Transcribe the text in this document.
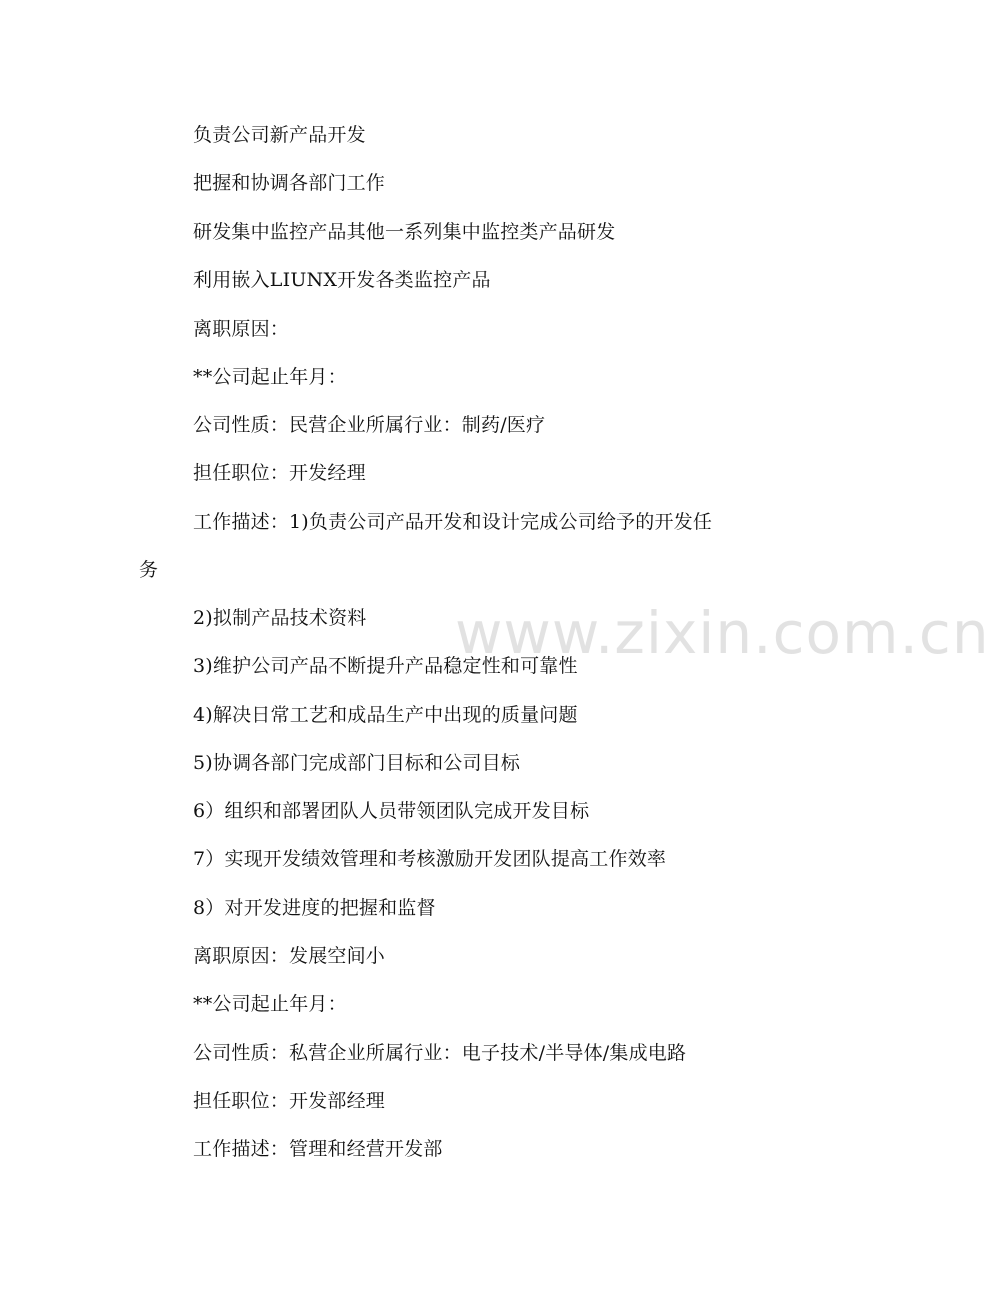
负责公司新产品开发
把握和协调各部门工作
研发集中监控产品其他一系列集中监控类产品研发
利用嵌入LIUNX开发各类监控产品
离职原因：
**公司起止年月：
公司性质：民营企业所属行业：制药/医疗
担任职位：开发经理
工作描述：1)负责公司产品开发和设计完成公司给予的开发任
务
2)拟制产品技术资料
3)维护公司产品不断提升产品稳定性和可靠性
4)解决日常工艺和成品生产中出现的质量问题
5)协调各部门完成部门目标和公司目标
6）组织和部署团队人员带领团队完成开发目标
7）实现开发绩效管理和考核激励开发团队提高工作效率
8）对开发进度的把握和监督
离职原因：发展空间小
**公司起止年月：
公司性质：私营企业所属行业：电子技术/半导体/集成电路
担任职位：开发部经理
工作描述：管理和经营开发部
www.zixin.com.cn
